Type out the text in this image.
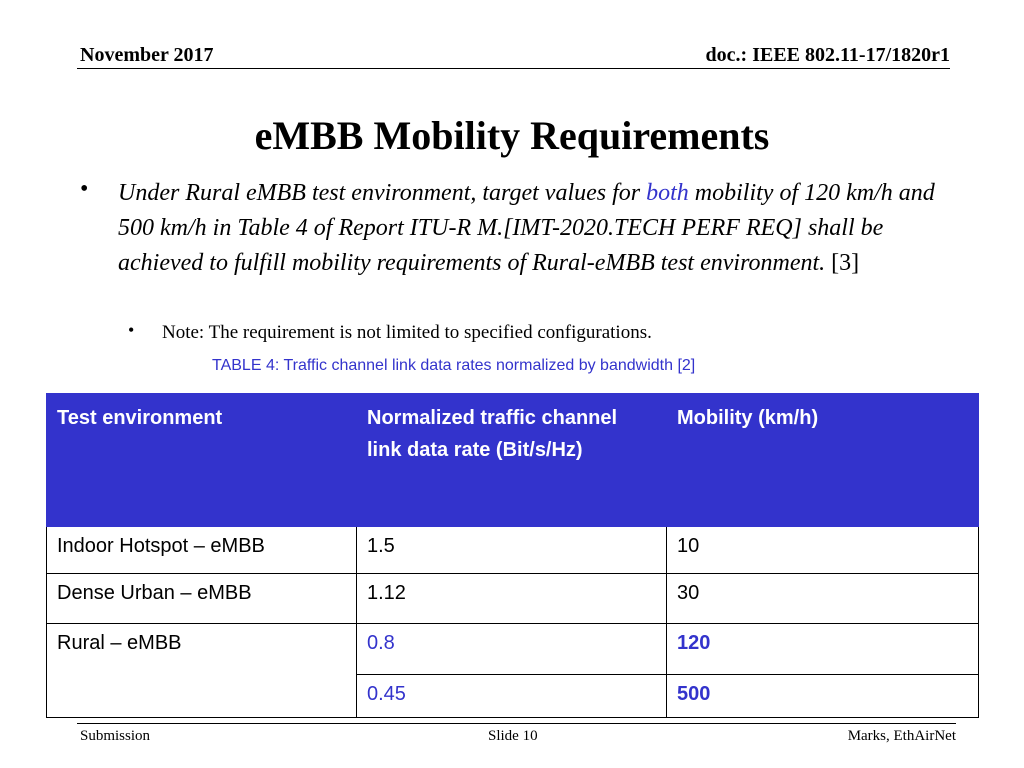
November 2017	doc.: IEEE 802.11-17/1820r1
eMBB Mobility Requirements
• Under Rural eMBB test environment, target values for both mobility of 120 km/h and 500 km/h in Table 4 of Report ITU-R M.[IMT-2020.TECH PERF REQ] shall be achieved to fulfill mobility requirements of Rural-eMBB test environment. [3]
• Note: The requirement is not limited to specified configurations.
TABLE 4: Traffic channel link data rates normalized by bandwidth [2]
Test environment	Normalized traffic channel link data rate (Bit/s/Hz)	Mobility (km/h)
Indoor Hotspot – eMBB	1.5	10
Dense Urban – eMBB	1.12	30
Rural – eMBB	0.8	120
	0.45	500
Submission	Slide 10	Marks, EthAirNet
